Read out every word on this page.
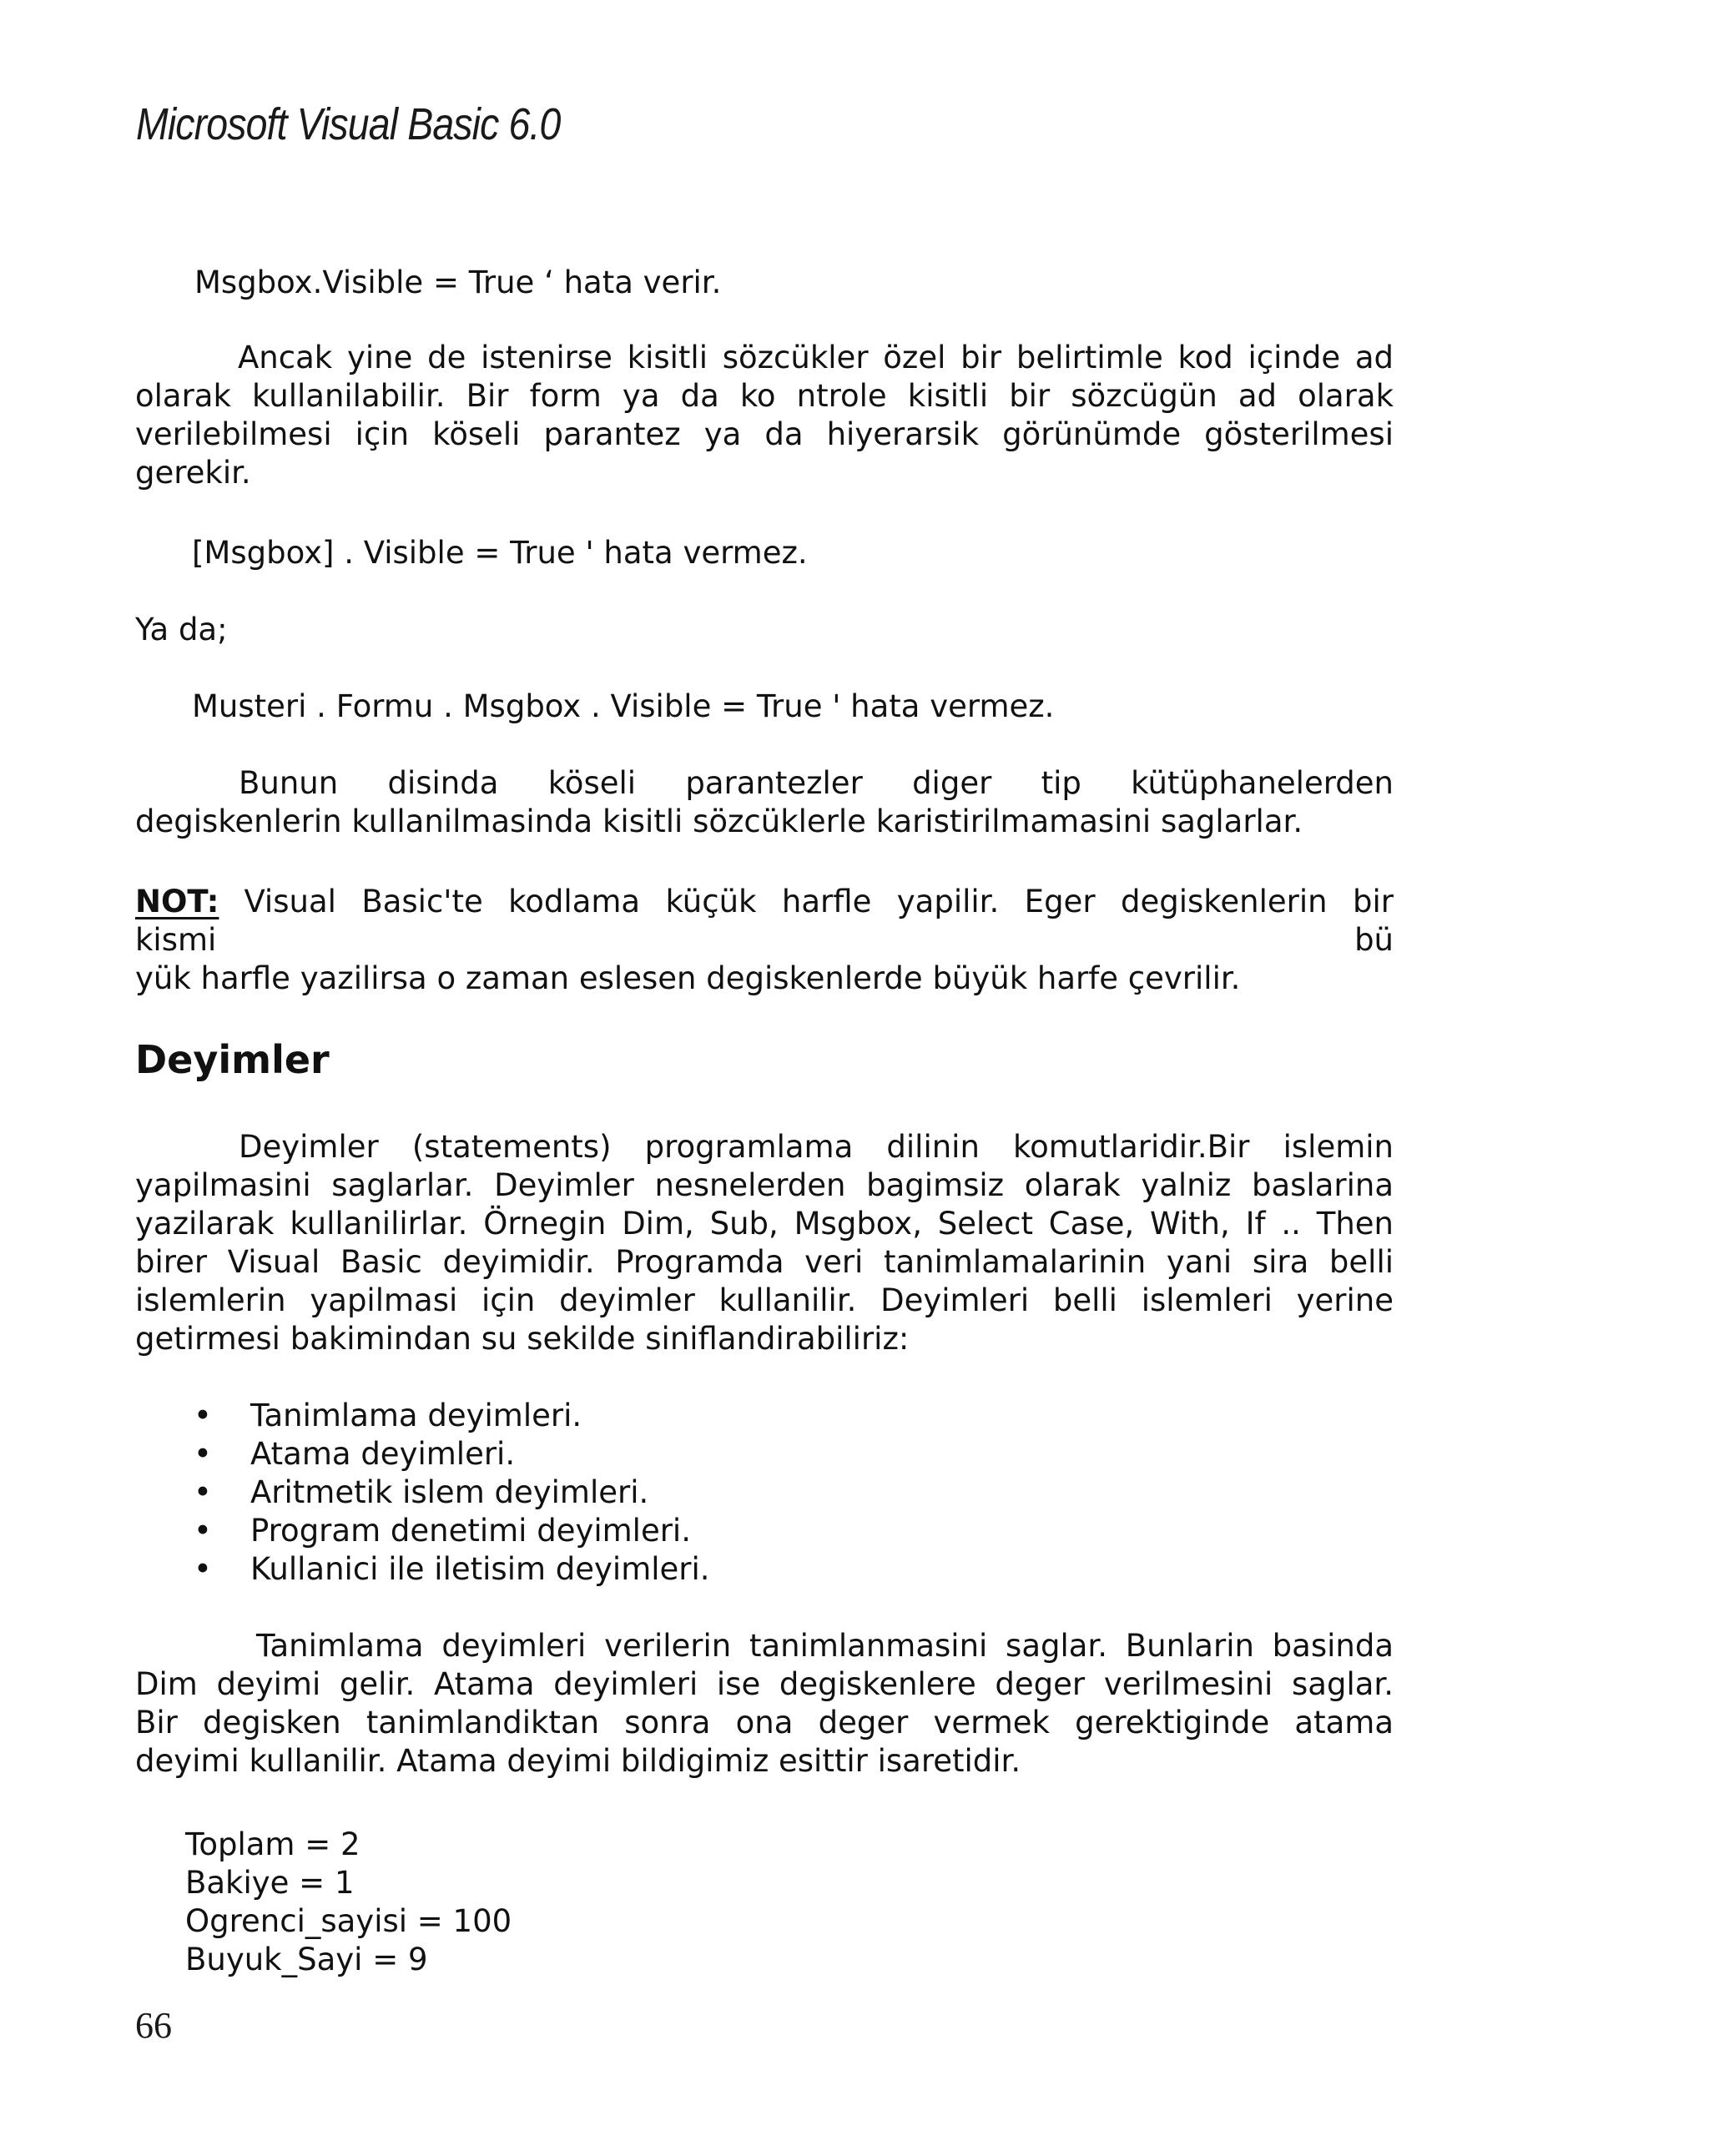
Microsoft Visual Basic 6.0
Msgbox.Visible = True ‘ hata verir.
Ancak yine de istenirse kisitli sözcükler özel bir belirtimle kod içinde ad
olarak kullanilabilir. Bir form ya da ko ntrole kisitli bir sözcügün ad olarak
verilebilmesi için köseli parantez ya da hiyerarsik görünümde gösterilmesi
gerekir.
[Msgbox] . Visible = True ' hata vermez.
Ya da;
Musteri . Formu . Msgbox . Visible = True ' hata vermez.
Bunun disinda köseli parantezler diger tip kütüphanelerden
degiskenlerin kullanilmasinda kisitli sözcüklerle karistirilmamasini saglarlar.
NOT: Visual Basic'te kodlama küçük harfle yapilir. Eger degiskenlerin bir
kismi	bü
yük harfle yazilirsa o zaman eslesen degiskenlerde büyük harfe çevrilir.
Deyimler
Deyimler (statements) programlama dilinin komutlaridir.Bir islemin
yapilmasini saglarlar. Deyimler nesnelerden bagimsiz olarak yalniz baslarina
yazilarak kullanilirlar. Örnegin Dim, Sub, Msgbox, Select Case, With, If .. Then
birer Visual Basic deyimidir. Programda veri tanimlamalarinin yani sira belli
islemlerin yapilmasi için deyimler kullanilir. Deyimleri belli islemleri yerine
getirmesi bakimindan su sekilde siniflandirabiliriz:
• Tanimlama deyimleri.
• Atama deyimleri.
• Aritmetik islem deyimleri.
• Program denetimi deyimleri.
• Kullanici ile iletisim deyimleri.
Tanimlama deyimleri verilerin tanimlanmasini saglar. Bunlarin basinda
Dim deyimi gelir. Atama deyimleri ise degiskenlere deger verilmesini saglar.
Bir degisken tanimlandiktan sonra ona deger vermek gerektiginde atama
deyimi kullanilir. Atama deyimi bildigimiz esittir isaretidir.
Toplam = 2
Bakiye = 1
Ogrenci_sayisi = 100
Buyuk_Sayi = 9
66
